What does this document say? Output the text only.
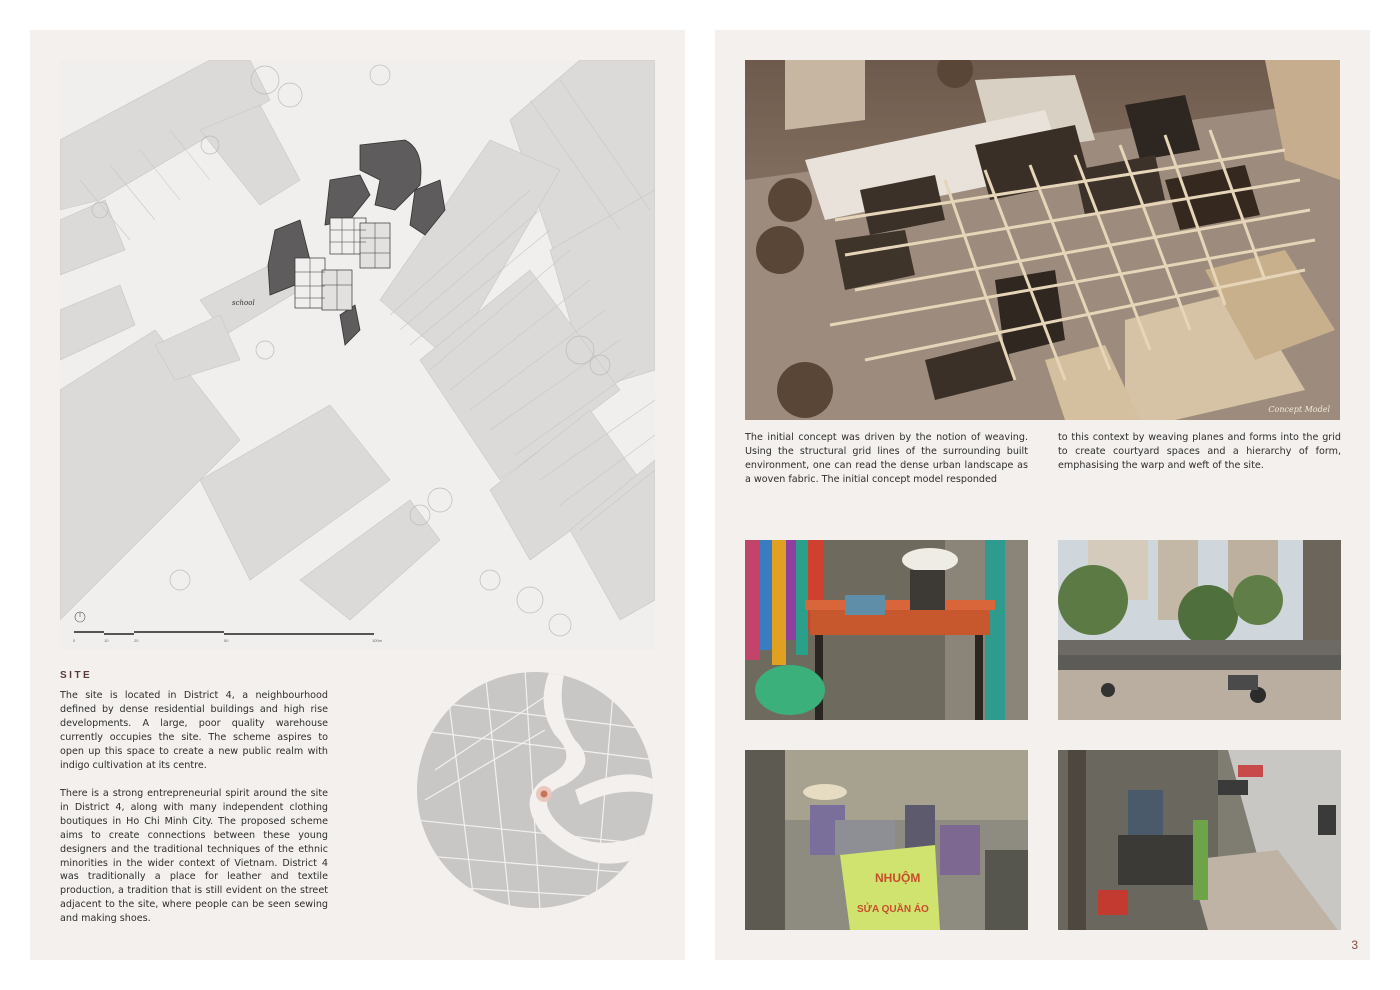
school
0	10	20	50	100m
SITE

The site is located in District 4, a neighbourhood defined by dense residential buildings and high rise developments. A large, poor quality warehouse currently occupies the site. The scheme aspires to open up this space to create a new public realm with indigo cultivation at its centre.

There is a strong entrepreneurial spirit around the site in District 4, along with many independent clothing boutiques in Ho Chi Minh City. The proposed scheme aims to create connections between these young designers and the traditional techniques of the ethnic minorities in the wider context of Vietnam. District 4 was traditionally a place for leather and textile production, a tradition that is still evident on the street adjacent to the site, where people can be seen sewing and making shoes.

Concept Model

The initial concept was driven by the notion of weaving. Using the structural grid lines of the surrounding built environment, one can read the dense urban landscape as a woven fabric. The initial concept model responded

to this context by weaving planes and forms into the grid to create courtyard spaces and a hierarchy of form, emphasising the warp and weft of the site.

NHUỘM
SỬA QUẦN ÁO
3
